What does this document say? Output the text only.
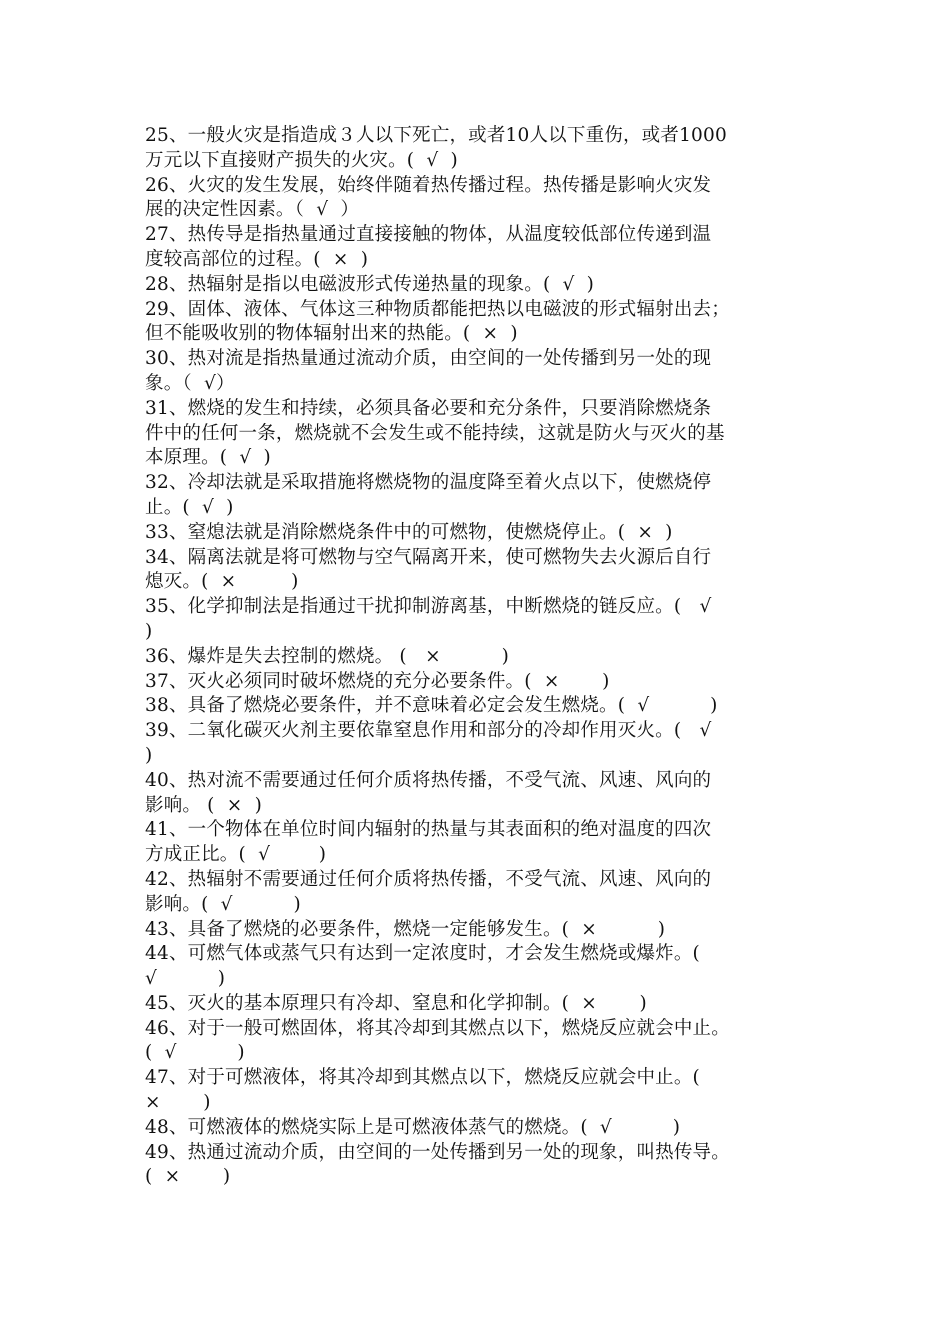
25、一般火灾是指造成３人以下死亡，或者10人以下重伤，或者1000
万元以下直接财产损失的火灾。(  √  )
26、火灾的发生发展，始终伴随着热传播过程。热传播是影响火灾发
展的决定性因素。（  √  ）
27、热传导是指热量通过直接接触的物体，从温度较低部位传递到温
度较高部位的过程。(  ×  )
28、热辐射是指以电磁波形式传递热量的现象。(  √  )
29、固体、液体、气体这三种物质都能把热以电磁波的形式辐射出去；
但不能吸收别的物体辐射出来的热能。(  ×  )
30、热对流是指热量通过流动介质，由空间的一处传播到另一处的现
象。（  √）
31、燃烧的发生和持续，必须具备必要和充分条件，只要消除燃烧条
件中的任何一条，燃烧就不会发生或不能持续，这就是防火与灭火的基
本原理。(  √  )
32、冷却法就是采取措施将燃烧物的温度降至着火点以下，使燃烧停
止。(  √  )
33、窒熄法就是消除燃烧条件中的可燃物，使燃烧停止。(  ×  )
34、隔离法就是将可燃物与空气隔离开来，使可燃物失去火源后自行
熄灭。(  ×         )
35、化学抑制法是指通过干扰抑制游离基，中断燃烧的链反应。(   √
)
36、爆炸是失去控制的燃烧。 (   ×          )
37、灭火必须同时破坏燃烧的充分必要条件。(  ×       )
38、具备了燃烧必要条件，并不意味着必定会发生燃烧。(  √          )
39、二氧化碳灭火剂主要依靠窒息作用和部分的冷却作用灭火。(   √
)
40、热对流不需要通过任何介质将热传播，不受气流、风速、风向的
影响。 (  ×  )
41、一个物体在单位时间内辐射的热量与其表面积的绝对温度的四次
方成正比。(  √        )
42、热辐射不需要通过任何介质将热传播，不受气流、风速、风向的
影响。(  √          )
43、具备了燃烧的必要条件，燃烧一定能够发生。(  ×          )
44、可燃气体或蒸气只有达到一定浓度时，才会发生燃烧或爆炸。(
√          )
45、灭火的基本原理只有冷却、窒息和化学抑制。(  ×       )
46、对于一般可燃固体，将其冷却到其燃点以下，燃烧反应就会中止。
(  √          )
47、对于可燃液体，将其冷却到其燃点以下，燃烧反应就会中止。(
×       )
48、可燃液体的燃烧实际上是可燃液体蒸气的燃烧。(  √          )
49、热通过流动介质，由空间的一处传播到另一处的现象，叫热传导。
(  ×       )
